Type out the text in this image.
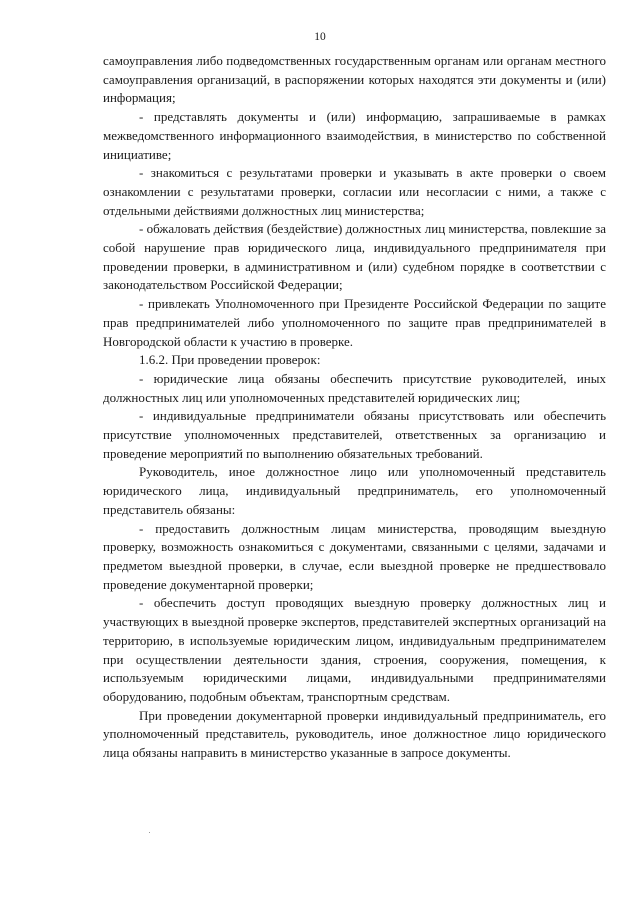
10

самоуправления либо подведомственных государственным органам или органам местного самоуправления организаций, в распоряжении которых находятся эти документы и (или) информация;

- представлять документы и (или) информацию, запрашиваемые в рамках межведомственного информационного взаимодействия, в министерство по собственной инициативе;

- знакомиться с результатами проверки и указывать в акте проверки о своем ознакомлении с результатами проверки, согласии или несогласии с ними, а также с отдельными действиями должностных лиц министерства;

- обжаловать действия (бездействие) должностных лиц министерства, повлекшие за собой нарушение прав юридического лица, индивидуального предпринимателя при проведении проверки, в административном и (или) судебном порядке в соответствии с законодательством Российской Федерации;

- привлекать Уполномоченного при Президенте Российской Федерации по защите прав предпринимателей либо уполномоченного по защите прав предпринимателей в Новгородской области к участию в проверке.

1.6.2. При проведении проверок:

- юридические лица обязаны обеспечить присутствие руководителей, иных должностных лиц или уполномоченных представителей юридических лиц;

- индивидуальные предприниматели обязаны присутствовать или обеспечить присутствие уполномоченных представителей, ответственных за организацию и проведение мероприятий по выполнению обязательных требований.

Руководитель, иное должностное лицо или уполномоченный представитель юридического лица, индивидуальный предприниматель, его уполномоченный представитель обязаны:

- предоставить должностным лицам министерства, проводящим выездную проверку, возможность ознакомиться с документами, связанными с целями, задачами и предметом выездной проверки, в случае, если выездной проверке не предшествовало проведение документарной проверки;

- обеспечить доступ проводящих выездную проверку должностных лиц и участвующих в выездной проверке экспертов, представителей экспертных организаций на территорию, в используемые юридическим лицом, индивидуальным предпринимателем при осуществлении деятельности здания, строения, сооружения, помещения, к используемым юридическими лицами, индивидуальными предпринимателями оборудованию, подобным объектам, транспортным средствам.

При проведении документарной проверки индивидуальный предприниматель, его уполномоченный представитель, руководитель, иное должностное лицо юридического лица обязаны направить в министерство указанные в запросе документы.
